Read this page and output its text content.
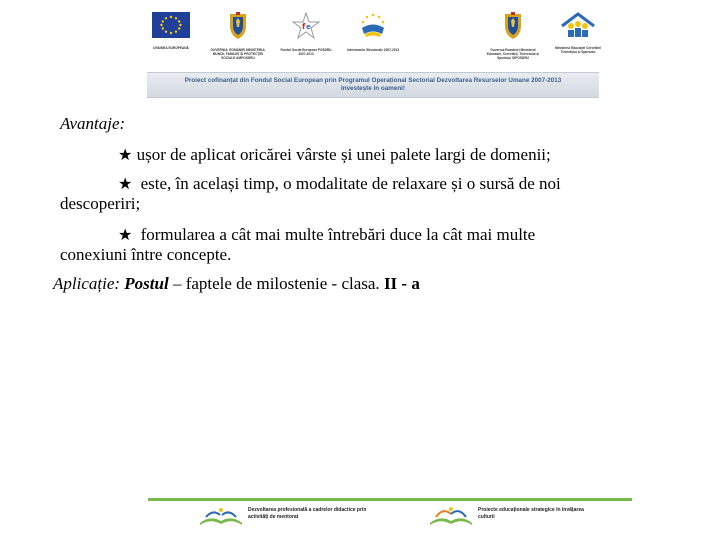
UNIUNEA EUROPEANĂ	GUVERNUL ROMÂNIEI MINISTERUL MUNCII, FAMILIEI ȘI PROTECȚIEI SOCIALE AMPOSDRU
f e
Fondul Social European POSDRU 2007-2013
Instrumente Structurale 2007-2013	Guvernul României Ministerul Educației, Cercetării, Tineretului și Sportului OIPOSDRU
Ministerul Educației Cercetării Tineretului și Sportului
Proiect cofinanțat din Fondul Social European prin Programul Operațional Sectorial Dezvoltarea Resurselor Umane 2007-2013
Investește în oameni!
Avantaje:
★ ușor de aplicat oricărei vârste și unei palete largi de domenii;
★ este, în același timp, o modalitate de relaxare și o sursă de noi
descoperiri;
★ formularea a cât mai multe întrebări duce la cât mai multe
conexiuni între concepte.
Aplicație: Postul – faptele de milostenie - clasa. II - a
Dezvoltarea profesională a cadrelor didactice prin activități de mentorat
Proiecte educaționale strategice în învățarea culturii
